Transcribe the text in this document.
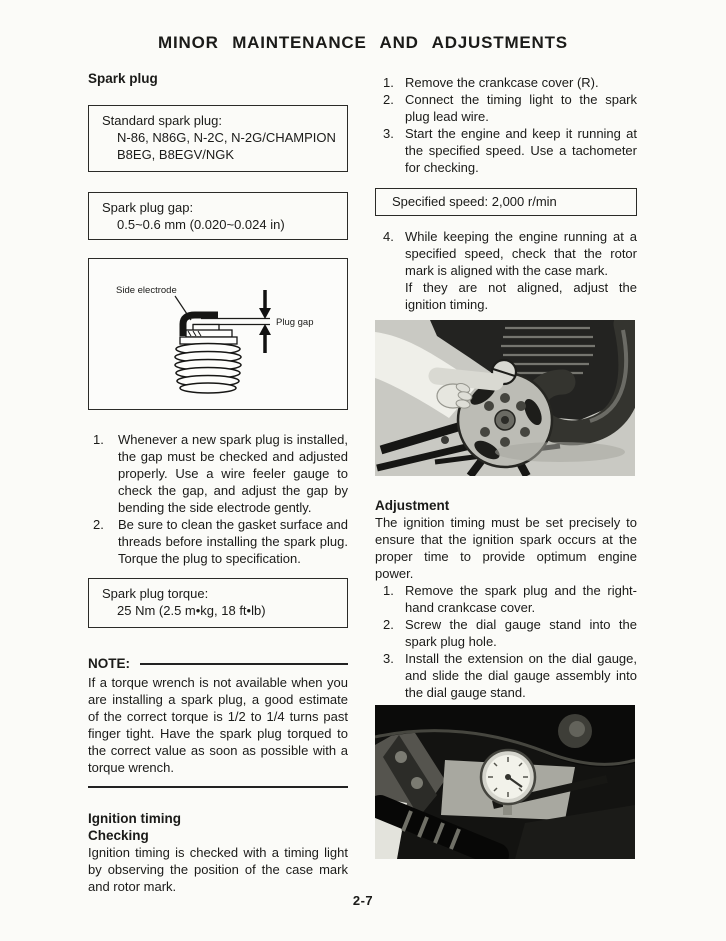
MINOR MAINTENANCE AND ADJUSTMENTS
Spark plug
Standard spark plug:
N-86, N86G, N-2C, N-2G/CHAMPION
B8EG, B8EGV/NGK
Spark plug gap:
0.5~0.6 mm (0.020~0.024 in)
Side electrode
Plug gap
1.	Whenever a new spark plug is installed, the gap must be checked and adjusted properly. Use a wire feeler gauge to check the gap, and adjust the gap by bending the side electrode gently.
2.	Be sure to clean the gasket surface and threads before installing the spark plug. Torque the plug to specification.
Spark plug torque:
25 Nm (2.5 m•kg, 18 ft•lb)
NOTE:
If a torque wrench is not available when you are installing a spark plug, a good estimate of the correct torque is 1/2 to 1/4 turns past finger tight. Have the spark plug torqued to the correct value as soon as possible with a torque wrench.
Ignition timing
Checking
Ignition timing is checked with a timing light by observing the position of the case mark and rotor mark.
1. Remove the crankcase cover (R).
2. Connect the timing light to the spark plug lead wire.
3. Start the engine and keep it running at the specified speed. Use a tachometer for checking.
Specified speed: 2,000 r/min
4. While keeping the engine running at a specified speed, check that the rotor mark is aligned with the case mark.
If they are not aligned, adjust the ignition timing.
Adjustment
The ignition timing must be set precisely to ensure that the ignition spark occurs at the proper time to provide optimum engine power.
1. Remove the spark plug and the right-hand crankcase cover.
2. Screw the dial gauge stand into the spark plug hole.
3. Install the extension on the dial gauge, and slide the dial gauge assembly into the dial gauge stand.
2-7
